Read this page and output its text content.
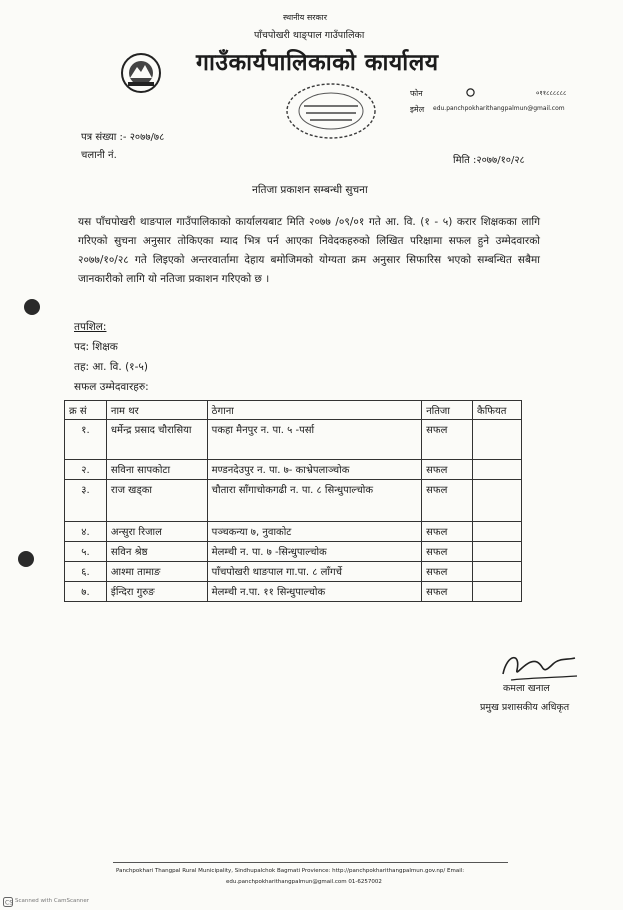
स्थानीय सरकार
पाँचपोखरी थाङ्पाल गाउँपालिका
गाउँकार्यपालिकाको कार्यालय
फोन	०११८८८८८८
इमेल edu.panchpokharithangpalmun@gmail.com
पत्र संख्या :- २०७७/७८
चलानी नं.	मिति :२०७७/१०/२८
नतिजा प्रकाशन सम्बन्धी सुचना
यस पाँचपोखरी थाङपाल गाउँपालिकाको कार्यालयबाट मिति २०७७ /०९/०१ गते आ. वि. (१ - ५) करार शिक्षकका लागि गरिएको सुचना अनुसार तोकिएका म्याद भित्र पर्न आएका निवेदकहरुको लिखित परिक्षामा सफल हुने उम्मेदवारको २०७७/१०/२८ गते लिइएको अन्तरवार्तामा देहाय बमोजिमको योग्यता क्रम अनुसार सिफारिस भएको सम्बन्धित सबैमा जानकारीको लागि यो नतिजा प्रकाशन गरिएको छ ।
तपशिल:
पद: शिक्षक
तह: आ. वि. (१-५)
सफल उम्मेदवारहरु:
क्र सं	नाम थर	ठेगाना	नतिजा	कैफियत
१.	धर्मेन्द्र प्रसाद चौरासिया	पकहा मैनपुर न. पा. ५ -पर्सा	सफल	
२.	सविना सापकोटा	मण्डनदेउपुर न. पा. ७- काभ्रेपलाञ्चोक	सफल	
३.	राज खड्का	चौतारा साँगाचोकगढी न. पा. ८ सिन्धुपाल्चोक	सफल	
४.	अन्सुरा रिजाल	पञ्चकन्या ७, नुवाकोट	सफल	
५.	सविन श्रेष्ठ	मेलम्ची न. पा. ७ -सिन्धुपाल्चोक	सफल	
६.	आश्मा तामाङ	पाँचपोखरी थाङपाल गा.पा. ८ लाँगर्चे	सफल	
७.	ईन्दिरा गुरुङ	मेलम्ची न.पा. ११ सिन्धुपाल्चोक	सफल	
कमला खनाल
प्रमुख प्रशासकीय अधिकृत
Panchpokhari Thangpal Rural Municipality, Sindhupalchok Bagmati Provience: http://panchpokharithangpalmun.gov.np/ Email:
edu.panchpokharithangpalmun@gmail.com 01-6257002
CS Scanned with CamScanner
